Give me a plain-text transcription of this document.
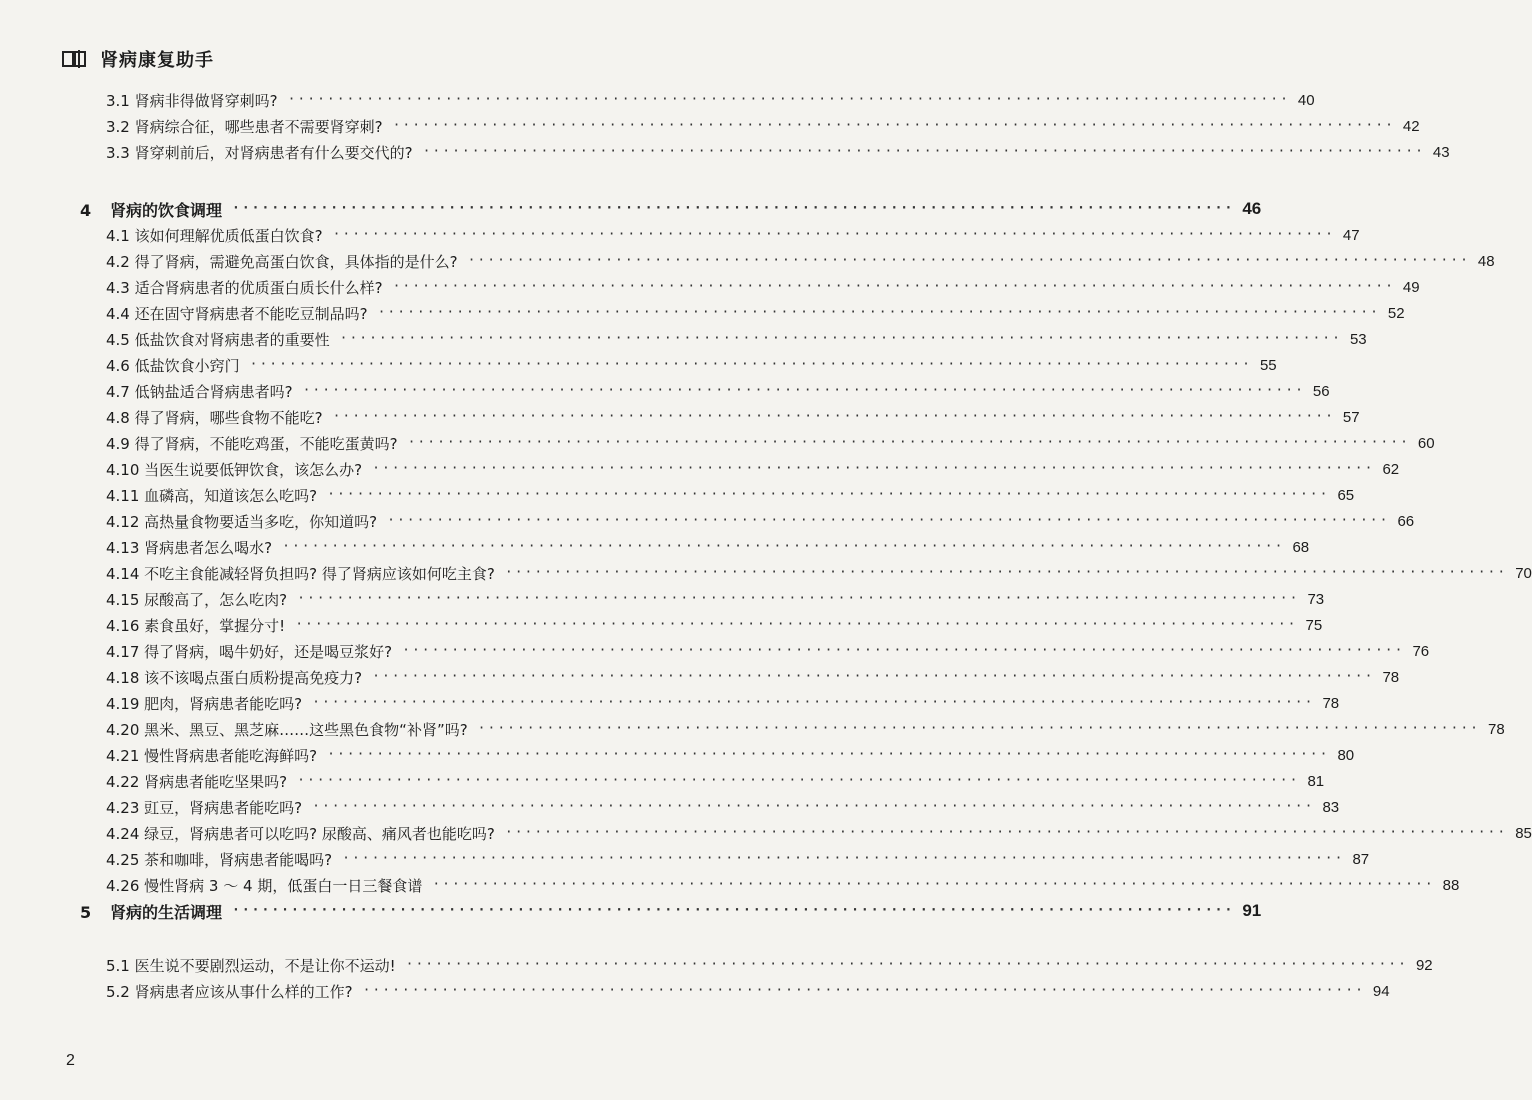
肾病康复助手
3.1 肾病非得做肾穿刺吗? ······································································································ 40
3.2 肾病综合征，哪些患者不需要肾穿刺? ······································································································ 42
3.3 肾穿刺前后，对肾病患者有什么要交代的? ······································································································ 43
4 肾病的饮食调理 ······································································································ 46
4.1 该如何理解优质低蛋白饮食? ······································································································ 47
4.2 得了肾病，需避免高蛋白饮食，具体指的是什么? ······································································································ 48
4.3 适合肾病患者的优质蛋白质长什么样? ······································································································ 49
4.4 还在固守肾病患者不能吃豆制品吗? ······································································································ 52
4.5 低盐饮食对肾病患者的重要性 ······································································································ 53
4.6 低盐饮食小窍门 ······································································································ 55
4.7 低钠盐适合肾病患者吗? ······································································································ 56
4.8 得了肾病，哪些食物不能吃? ······································································································ 57
4.9 得了肾病，不能吃鸡蛋，不能吃蛋黄吗? ······································································································ 60
4.10 当医生说要低钾饮食，该怎么办? ······································································································ 62
4.11 血磷高，知道该怎么吃吗? ······································································································ 65
4.12 高热量食物要适当多吃，你知道吗? ······································································································ 66
4.13 肾病患者怎么喝水? ······································································································ 68
4.14 不吃主食能减轻肾负担吗? 得了肾病应该如何吃主食? ······································································································ 70
4.15 尿酸高了，怎么吃肉? ······································································································ 73
4.16 素食虽好，掌握分寸! ······································································································ 75
4.17 得了肾病，喝牛奶好，还是喝豆浆好? ······································································································ 76
4.18 该不该喝点蛋白质粉提高免疫力? ······································································································ 78
4.19 肥肉，肾病患者能吃吗? ······································································································ 78
4.20 黑米、黑豆、黑芝麻……这些黑色食物“补肾”吗? ······································································································ 78
4.21 慢性肾病患者能吃海鲜吗? ······································································································ 80
4.22 肾病患者能吃坚果吗? ······································································································ 81
4.23 豇豆，肾病患者能吃吗? ······································································································ 83
4.24 绿豆，肾病患者可以吃吗? 尿酸高、痛风者也能吃吗? ······································································································ 85
4.25 茶和咖啡，肾病患者能喝吗? ······································································································ 87
4.26 慢性肾病 3 ～ 4 期，低蛋白一日三餐食谱 ······································································································ 88
5 肾病的生活调理 ······································································································ 91
5.1 医生说不要剧烈运动，不是让你不运动! ······································································································ 92
5.2 肾病患者应该从事什么样的工作? ······································································································ 94
2
